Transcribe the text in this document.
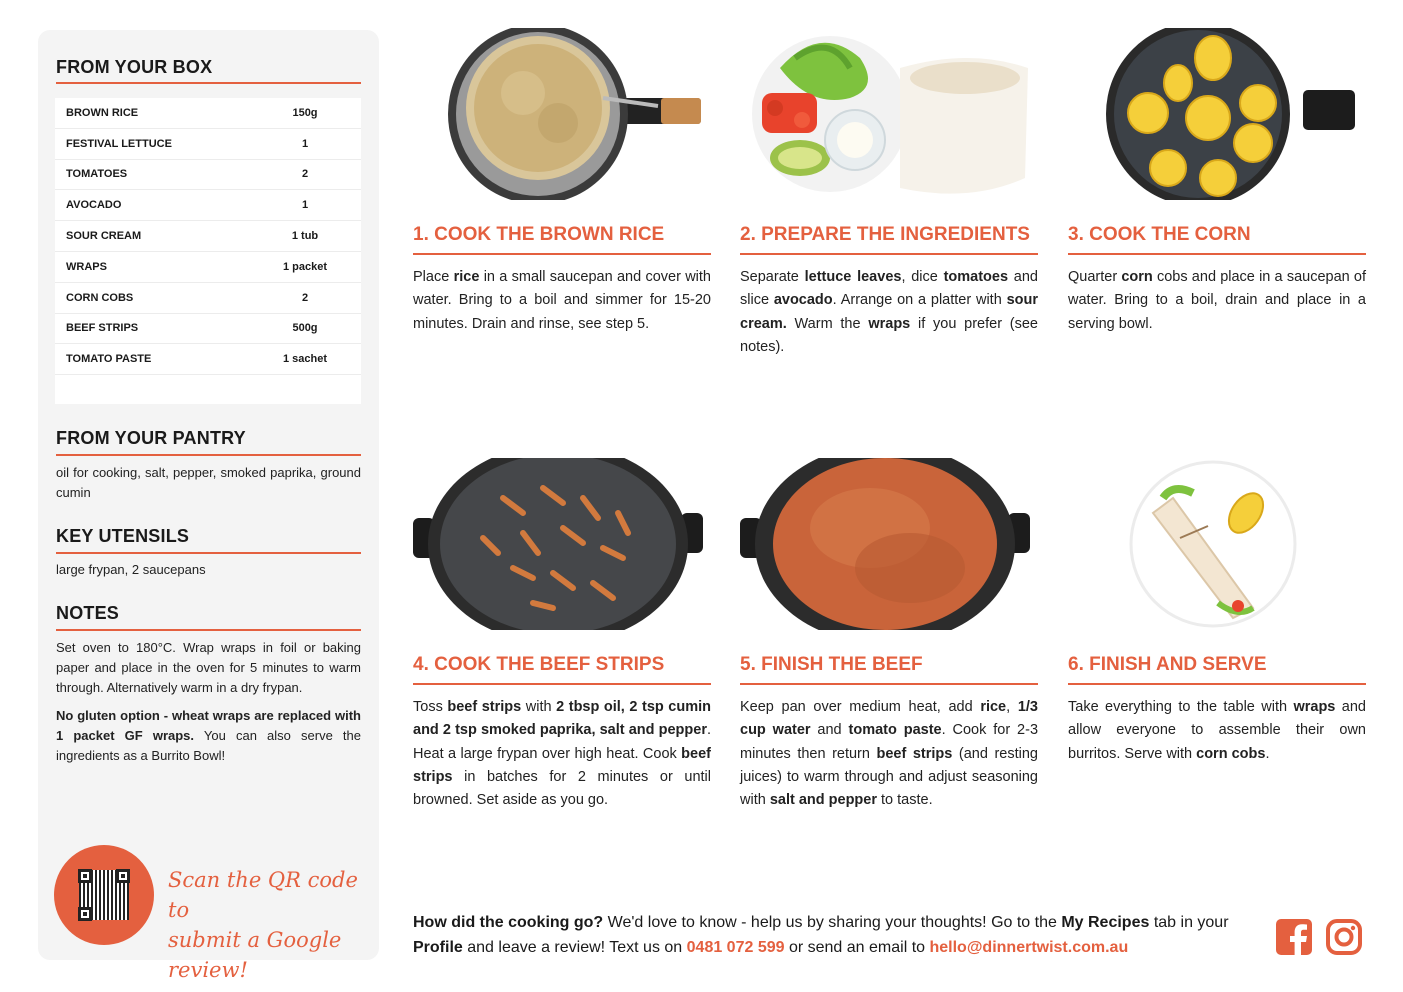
FROM YOUR BOX
BROWN RICE	150g
FESTIVAL LETTUCE	1
TOMATOES	2
AVOCADO	1
SOUR CREAM	1 tub
WRAPS	1 packet
CORN COBS	2
BEEF STRIPS	500g
TOMATO PASTE	1 sachet
FROM YOUR PANTRY
oil for cooking, salt, pepper, smoked paprika, ground cumin
KEY UTENSILS
large frypan, 2 saucepans
NOTES
Set oven to 180°C. Wrap wraps in foil or baking paper and place in the oven for 5 minutes to warm through. Alternatively warm in a dry frypan.
No gluten option - wheat wraps are replaced with 1 packet GF wraps. You can also serve the ingredients as a Burrito Bowl!
Scan the QR code to
submit a Google review!
1. COOK THE BROWN RICE
Place rice in a small saucepan and cover with water. Bring to a boil and simmer for 15-20 minutes. Drain and rinse, see step 5.
2. PREPARE THE INGREDIENTS
Separate lettuce leaves, dice tomatoes and slice avocado. Arrange on a platter with sour cream. Warm the wraps if you prefer (see notes).
3. COOK THE CORN
Quarter corn cobs and place in a saucepan of water. Bring to a boil, drain and place in a serving bowl.
4. COOK THE BEEF STRIPS
Toss beef strips with 2 tbsp oil, 2 tsp cumin and 2 tsp smoked paprika, salt and pepper. Heat a large frypan over high heat. Cook beef strips in batches for 2 minutes or until browned. Set aside as you go.
5. FINISH THE BEEF
Keep pan over medium heat, add rice, 1/3 cup water and tomato paste. Cook for 2-3 minutes then return beef strips (and resting juices) to warm through and adjust seasoning with salt and pepper to taste.
6. FINISH AND SERVE
Take everything to the table with wraps and allow everyone to assemble their own burritos. Serve with corn cobs.
How did the cooking go? We'd love to know - help us by sharing your thoughts! Go to the My Recipes tab in your Profile and leave a review! Text us on 0481 072 599 or send an email to hello@dinnertwist.com.au
